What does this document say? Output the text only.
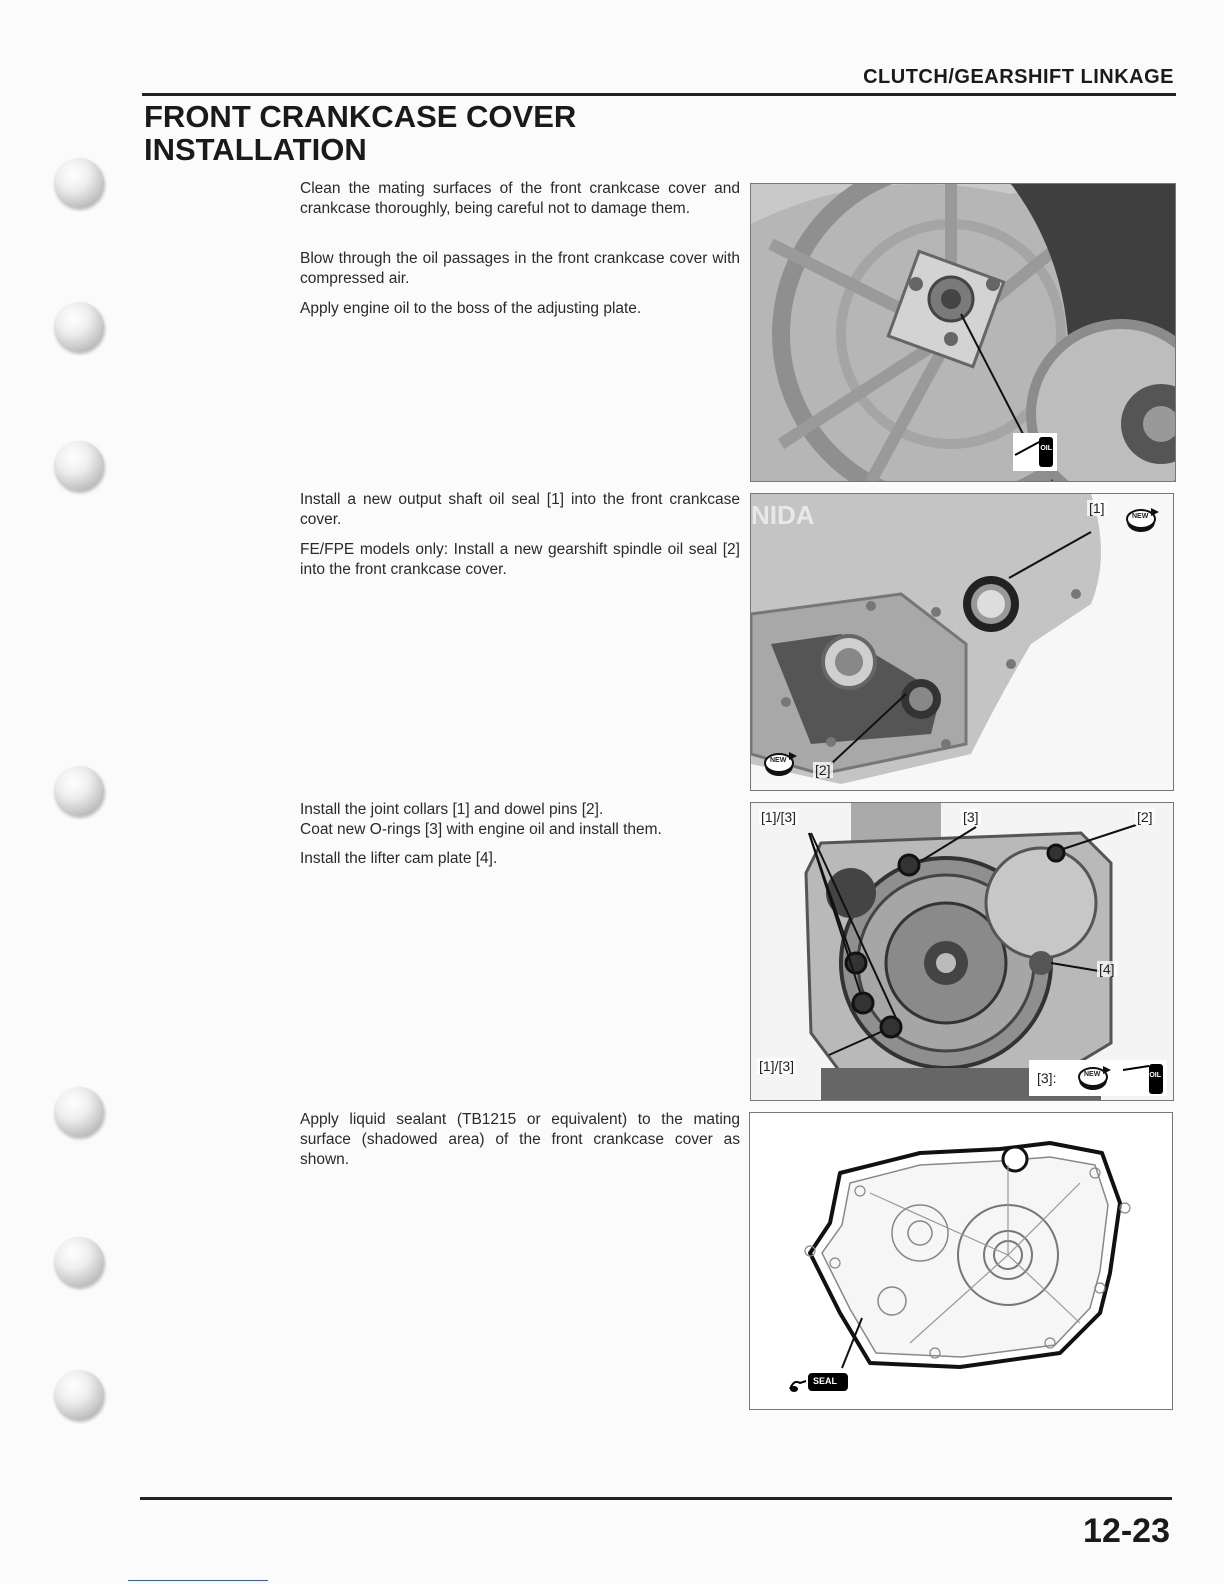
CLUTCH/GEARSHIFT LINKAGE
FRONT CRANKCASE COVER
INSTALLATION

Clean the mating surfaces of the front crankcase cover and crankcase thoroughly, being careful not to damage them.

Blow through the oil passages in the front crankcase cover with compressed air.

Apply engine oil to the boss of the adjusting plate.

OIL

Install a new output shaft oil seal [1] into the front crankcase cover.

FE/FPE models only: Install a new gearshift spindle oil seal [2] into the front crankcase cover.

NIDA	[1]
[2]
NEW
NEW

Install the joint collars [1] and dowel pins [2].
Coat new O-rings [3] with engine oil and install them.

Install the lifter cam plate [4].

[1]/[3]	[3]	[2]
[4]
[1]/[3]
[3]:	NEW	OIL

Apply liquid sealant (TB1215 or equivalent) to the mating surface (shadowed area) of the front crankcase cover as shown.

SEAL
12-23
